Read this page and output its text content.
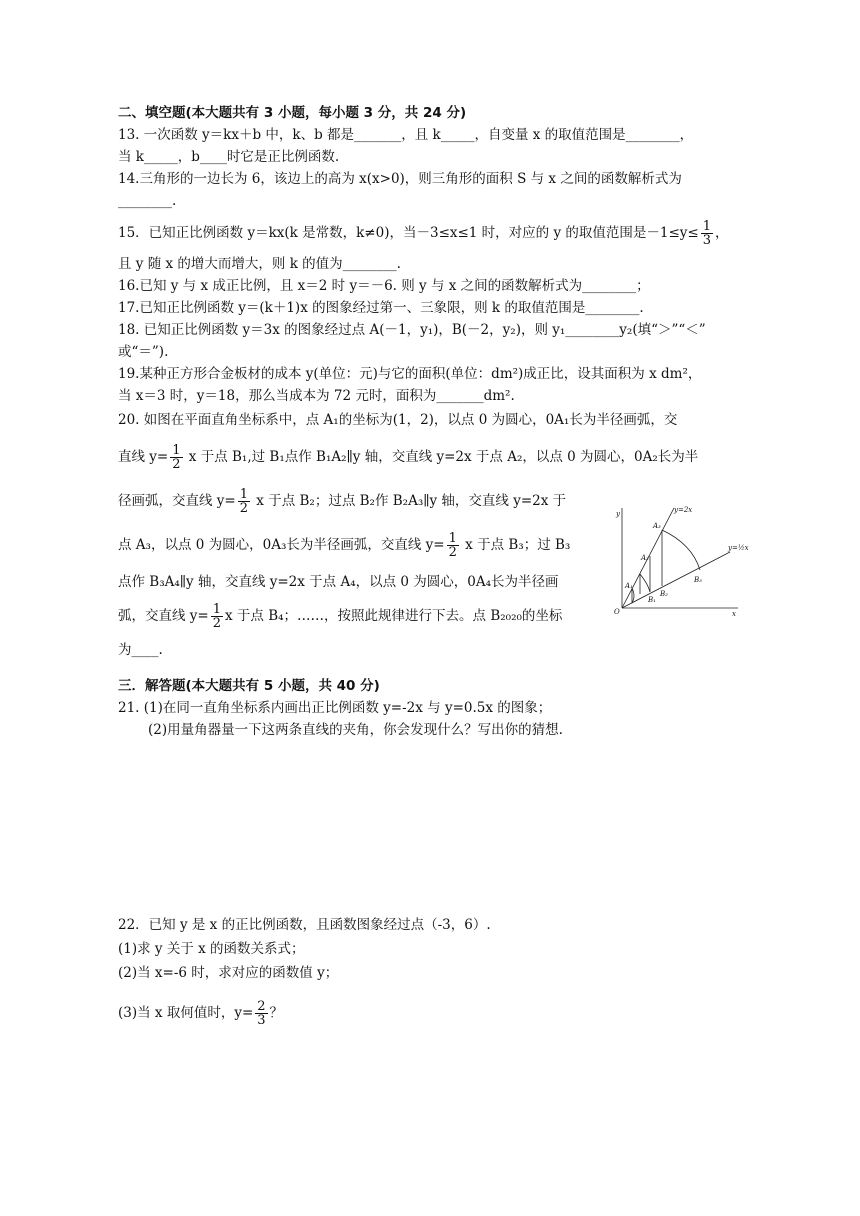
二、填空题(本大题共有 3 小题，每小题 3 分，共 24 分)
13. 一次函数 y＝kx＋b 中，k、b 都是_______，且 k_____，自变量 x 的取值范围是________，
当 k_____，b____时它是正比例函数.
14.三角形的一边长为 6，该边上的高为 x(x>0)，则三角形的面积 S 与 x 之间的函数解析式为
________.
15．已知正比例函数 y＝kx(k 是常数，k≠0)，当－3≤x≤1 时，对应的 y 的取值范围是$-1\le y\le \frac{1}{3}$ ，
且 y 随 x 的增大而增大，则 k 的值为________.
16.已知 y 与 x 成正比例，且 x＝2 时 y＝－6. 则 y 与 x 之间的函数解析式为________；
17.已知正比例函数 y＝(k＋1)x 的图象经过第一、三象限，则 k 的取值范围是________.
18. 已知正比例函数 y＝3x 的图象经过点 A(－1，y₁)，B(－2，y₂)，则 y₁________y₂(填“＞”“＜”
或“＝”).
19.某种正方形合金板材的成本 y(单位：元)与它的面积(单位：dm²)成正比，设其面积为 x dm²，
当 x＝3 时，y＝18，那么当成本为 72 元时，面积为_______dm².
20. 如图在平面直角坐标系中，点 A₁的坐标为(1，2)，以点 0 为圆心，0A₁长为半径画弧，交
直线 $y= \frac{1}{2}$ x 于点 B₁,过 B₁点作 B₁A₂∥y 轴，交直线 y=2x 于点 A₂，以点 0 为圆心，0A₂长为半
径画弧，交直线 $y= \frac{1}{2}$ x 于点 B₂；过点 B₂作 B₂A₃∥y 轴，交直线 y=2x 于
点 A₃，以点 0 为圆心，0A₃长为半径画弧，交直线 $y= \frac{1}{2}$ x 于点 B₃；过 B₃
点作 B₃A₄∥y 轴，交直线 y=2x 于点 A₄，以点 0 为圆心，0A₄长为半径画
弧，交直线 $y= \frac{1}{2}$ x 于点 B₄；……，按照此规律进行下去。点 B₂₀₂₀的坐标
为____.
y
x
O
y=2x
y=½x
A₁
A₂
A₃
B₁
B₂
B₃
三．解答题(本大题共有 5 小题，共 40 分)
21. (1)在同一直角坐标系内画出正比例函数 y=-2x 与 y=0.5x 的图象；
(2)用量角器量一下这两条直线的夹角，你会发现什么？写出你的猜想.
22．已知 y 是 x 的正比例函数，且函数图象经过点（-3，6）.
(1)求 y 关于 x 的函数关系式；
(2)当 x=-6 时，求对应的函数值 y；
(3)当 x 取何值时，$y= \frac{2}{3}$ ？
